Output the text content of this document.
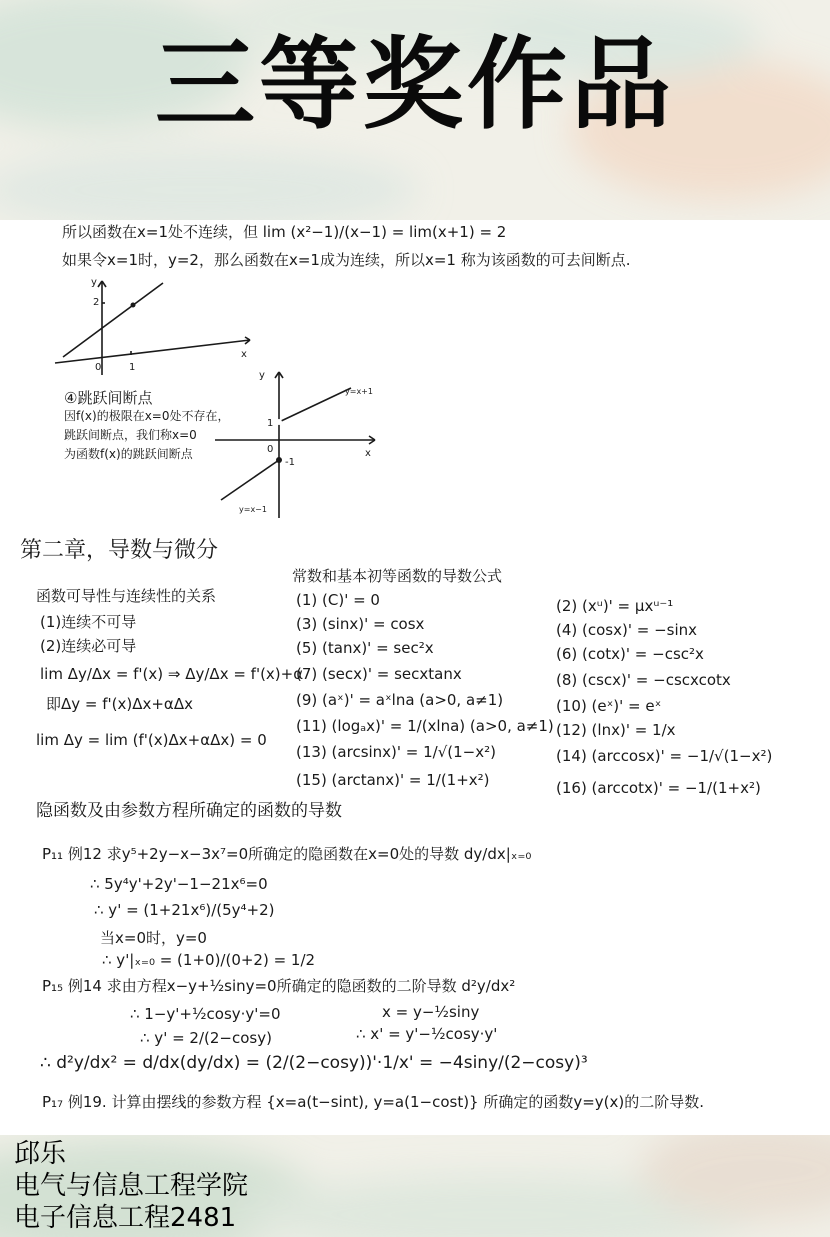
三等奖作品
所以函数在x=1处不连续，但 lim (x²−1)/(x−1) = lim(x+1) = 2
如果令x=1时，y=2，那么函数在x=1成为连续，所以x=1 称为该函数的可去间断点.
2
1
x
y
0
④跳跃间断点
因f(x)的极限在x=0处不存在，
跳跃间断点，我们称x=0
为函数f(x)的跳跃间断点
y
x
0
1
-1
y=x+1
y=x−1
第二章，导数与微分
函数可导性与连续性的关系
(1)连续不可导
(2)连续必可导
lim Δy/Δx = f'(x) ⇒ Δy/Δx = f'(x)+α
即Δy = f'(x)Δx+αΔx
lim Δy = lim (f'(x)Δx+αΔx) = 0
常数和基本初等函数的导数公式
(1) (C)' = 0
(3) (sinx)' = cosx
(5) (tanx)' = sec²x
(7) (secx)' = secxtanx
(9) (aˣ)' = aˣlna (a>0, a≠1)
(11) (logₐx)' = 1/(xlna) (a>0, a≠1)
(13) (arcsinx)' = 1/√(1−x²)
(15) (arctanx)' = 1/(1+x²)
(2) (xᵘ)' = μxᵘ⁻¹
(4) (cosx)' = −sinx
(6) (cotx)' = −csc²x
(8) (cscx)' = −cscxcotx
(10) (eˣ)' = eˣ
(12) (lnx)' = 1/x
(14) (arccosx)' = −1/√(1−x²)
(16) (arccotx)' = −1/(1+x²)
隐函数及由参数方程所确定的函数的导数
P₁₁ 例12 求y⁵+2y−x−3x⁷=0所确定的隐函数在x=0处的导数 dy/dx|ₓ₌₀
∴ 5y⁴y'+2y'−1−21x⁶=0
∴ y' = (1+21x⁶)/(5y⁴+2)
当x=0时，y=0
∴ y'|ₓ₌₀ = (1+0)/(0+2) = 1/2
P₁₅ 例14 求由方程x−y+½siny=0所确定的隐函数的二阶导数 d²y/dx²
∴ 1−y'+½cosy·y'=0
∴ y' = 2/(2−cosy)
x = y−½siny
∴ x' = y'−½cosy·y'
∴ d²y/dx² = d/dx(dy/dx) = (2/(2−cosy))'·1/x' = −4siny/(2−cosy)³
P₁₇ 例19. 计算由摆线的参数方程 {x=a(t−sint), y=a(1−cost)} 所确定的函数y=y(x)的二阶导数.
邱乐
电气与信息工程学院
电子信息工程2481
